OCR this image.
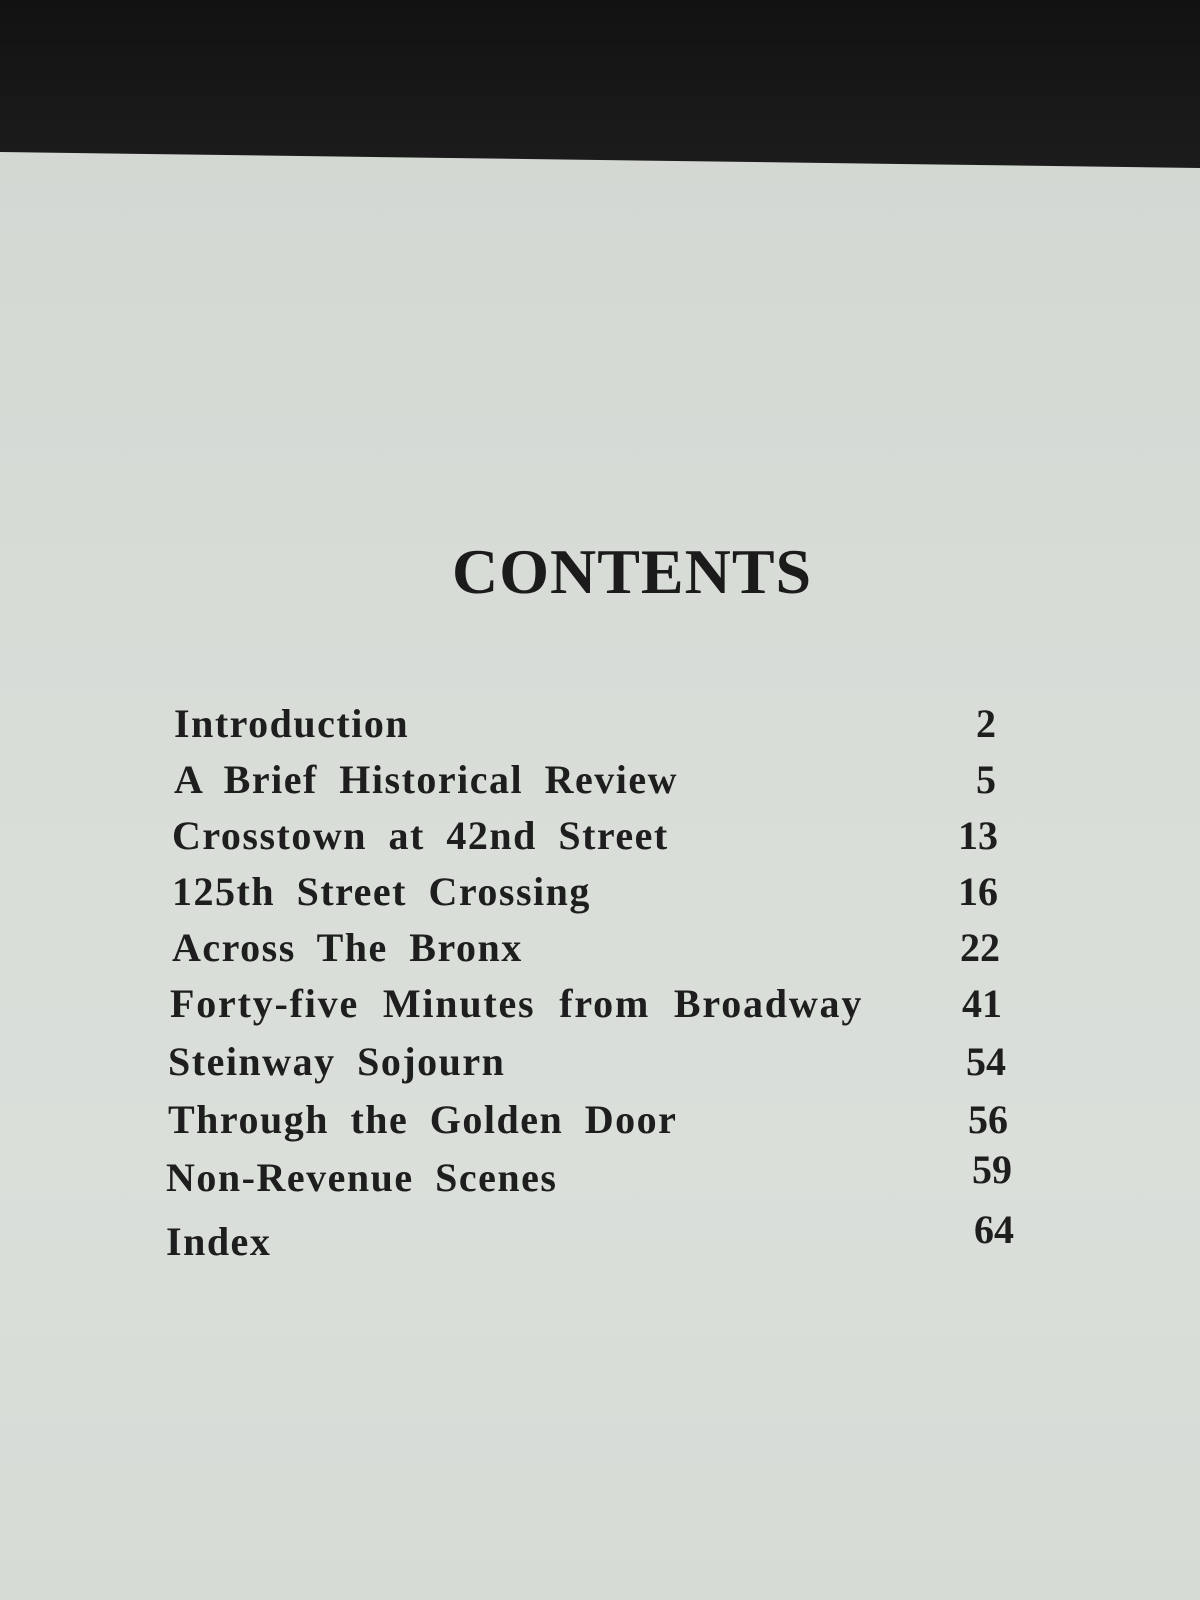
CONTENTS
Introduction	2
A Brief Historical Review	5
Crosstown at 42nd Street	13
125th Street Crossing	16
Across The Bronx	22
Forty-five Minutes from Broadway	41
Steinway Sojourn	54
Through the Golden Door	56
Non-Revenue Scenes	59
Index	64
